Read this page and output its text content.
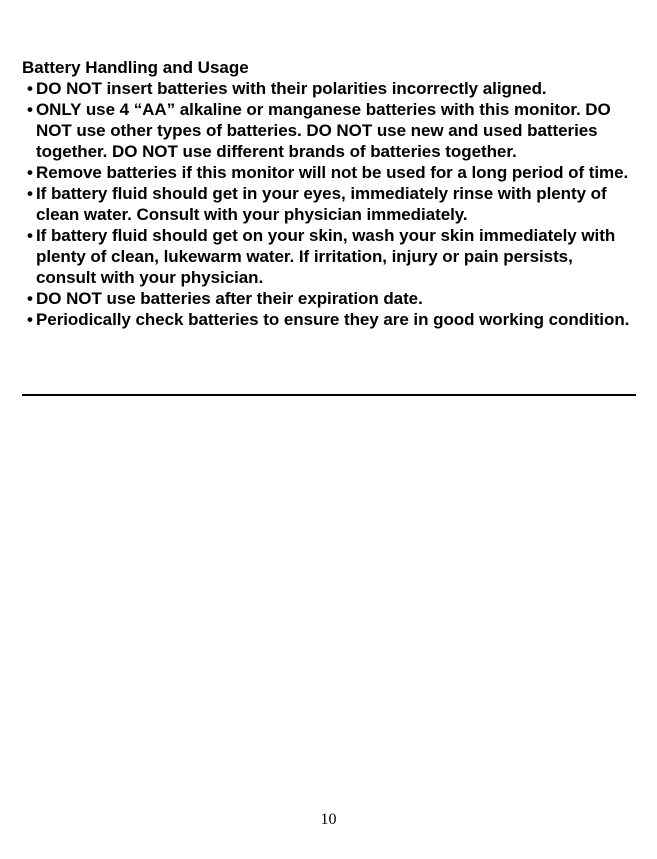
Battery Handling and Usage
• DO NOT insert batteries with their polarities incorrectly aligned.
• ONLY use 4 “AA” alkaline or manganese batteries with this monitor. DO NOT use other types of batteries. DO NOT use new and used batteries together. DO NOT use different brands of batteries together.
• Remove batteries if this monitor will not be used for a long period of time.
• If battery fluid should get in your eyes, immediately rinse with plenty of clean water. Consult with your physician immediately.
• If battery fluid should get on your skin, wash your skin immediately with plenty of clean, lukewarm water. If irritation, injury or pain persists, consult with your physician.
• DO NOT use batteries after their expiration date.
• Periodically check batteries to ensure they are in good working condition.
10
